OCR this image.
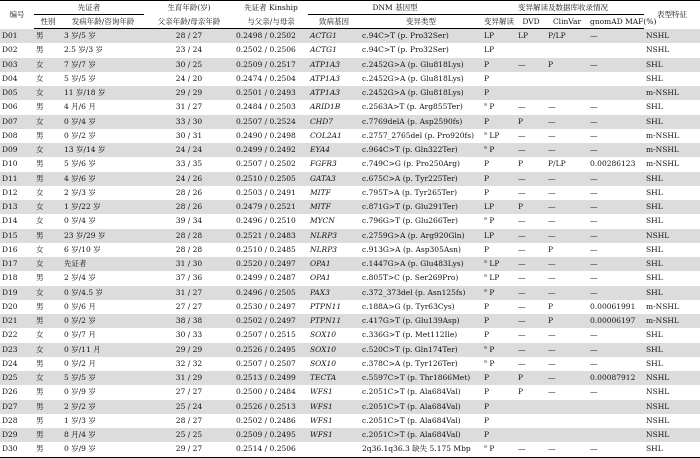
编号	先证者		生育年龄(岁)	先证者 Kinship	DNM 基因型		变异解读及数据库收录情况				表型特征
	性别	发病年龄/咨询年龄	父亲年龄/母亲年龄	与父亲/与母亲	致病基因	变异类型	变异解读	DVD	ClinVar	gnomAD MAF(%)	
D01	男	3 岁/5 岁	28 / 27	0.2498 / 0.2502	ACTG1	c.94C>T (p. Pro32Ser)	LP	LP	P/LP	—	NSHL
D02	男	2.5 岁/3 岁	23 / 24	0.2502 / 0.2506	ACTG1	c.94C>T (p. Pro32Ser)	LP				NSHL
D03	女	7 岁/7 岁	30 / 25	0.2509 / 0.2517	ATP1A3	c.2452G>A (p. Glu818Lys)	P	—	P	—	SHL
D04	女	5 岁/5 岁	24 / 20	0.2474 / 0.2504	ATP1A3	c.2452G>A (p. Glu818Lys)	P				SHL
D05	女	11 岁/18 岁	29 / 29	0.2501 / 0.2493	ATP1A3	c.2452G>A (p. Glu818Lys)	P				m-NSHL
D06	男	4 月/6 月	31 / 27	0.2484 / 0.2503	ARID1B	c.2563A>T (p. Arg855Ter)	$^a$ P	—	—	—	SHL
D07	女	0 岁/4 岁	33 / 30	0.2507 / 0.2524	CHD7	c.7769delA (p. Asp2590fs)	P	P	—	—	SHL
D08	男	0 岁/2 岁	30 / 31	0.2490 / 0.2498	COL2A1	c.2757_2765del (p. Pro920fs)	$^a$ LP	—	—	—	m-NSHL
D09	女	13 岁/14 岁	24 / 24	0.2499 / 0.2492	EYA4	c.964C>T (p. Gln322Ter)	$^a$ P	—	—	—	m-NSHL
D10	男	5 岁/6 岁	33 / 35	0.2507 / 0.2502	FGFR3	c.749C>G (p. Pro250Arg)	P	P	P/LP	0.00286123	m-NSHL
D11	男	4 岁/6 岁	24 / 26	0.2510 / 0.2505	GATA3	c.675C>A (p. Tyr225Ter)	P	—	—	—	SHL
D12	女	2 岁/3 岁	28 / 26	0.2503 / 0.2491	MITF	c.795T>A (p. Tyr265Ter)	P	—	—	—	SHL
D13	女	1 岁/22 岁	28 / 26	0.2479 / 0.2521	MITF	c.871G>T (p. Glu291Ter)	LP	P	—	—	SHL
D14	女	0 岁/4 岁	39 / 34	0.2496 / 0.2510	MYCN	c.796G>T (p. Glu266Ter)	$^a$ P	—	—	—	SHL
D15	男	23 岁/29 岁	28 / 28	0.2521 / 0.2483	NLRP3	c.2759G>A (p. Arg920Gln)	LP	—	—	—	NSHL
D16	女	6 岁/10 岁	28 / 28	0.2510 / 0.2485	NLRP3	c.913G>A (p. Asp305Asn)	P	—	P	—	SHL
D17	女	先证者	31 / 30	0.2520 / 0.2497	OPA1	c.1447G>A (p. Glu483Lys)	$^a$ LP	—	—	—	SHL
D18	男	2 岁/4 岁	37 / 36	0.2499 / 0.2487	OPA1	c.805T>C (p. Ser269Pro)	$^a$ LP	—	—	—	SHL
D19	女	0 岁/4.5 岁	31 / 27	0.2496 / 0.2505	PAX3	c.372_373del (p. Asn125fs)	$^a$ P	—	—	—	SHL
D20	男	0 岁/6 月	27 / 27	0.2530 / 0.2497	PTPN11	c.188A>G (p. Tyr63Cys)	P	—	P	0.00061991	m-NSHL
D21	男	0 岁/2 岁	38 / 38	0.2502 / 0.2497	PTPN11	c.417G>T (p. Glu139Asp)	P	—	P	0.00006197	m-NSHL
D22	女	0 岁/7 月	30 / 33	0.2507 / 0.2515	SOX10	c.336G>T (p. Met112Ile)	P	—	—	—	SHL
D23	女	0 岁/11 月	29 / 29	0.2526 / 0.2495	SOX10	c.520C>T (p. Gln174Ter)	$^a$ P	—	—	—	SHL
D24	男	0 岁/2 月	32 / 32	0.2507 / 0.2507	SOX10	c.378C>A (p. Tyr126Ter)	$^a$ P	—	—	—	SHL
D25	女	5 岁/5 岁	31 / 29	0.2513 / 0.2499	TECTA	c.5597C>T (p. Thr1866Met)	P	P	—	0.00087912	NSHL
D26	男	0 岁/9 岁	27 / 27	0.2500 / 0.2484	WFS1	c.2051C>T (p. Ala684Val)	P	P	—	—	NSHL
D27	男	2 岁/2 岁	25 / 24	0.2526 / 0.2513	WFS1	c.2051C>T (p. Ala684Val)	P				NSHL
D28	男	1 岁/3 岁	28 / 27	0.2502 / 0.2486	WFS1	c.2051C>T (p. Ala684Val)	P				NSHL
D29	男	8 月/4 岁	25 / 25	0.2509 / 0.2495	WFS1	c.2051C>T (p. Ala684Val)	P				NSHL
D30	男	0 岁/9 岁	29 / 27	0.2514 / 0.2506		2q36.1q36.3 缺失 5.175 Mbp	$^a$ P	—	—	—	SHL
